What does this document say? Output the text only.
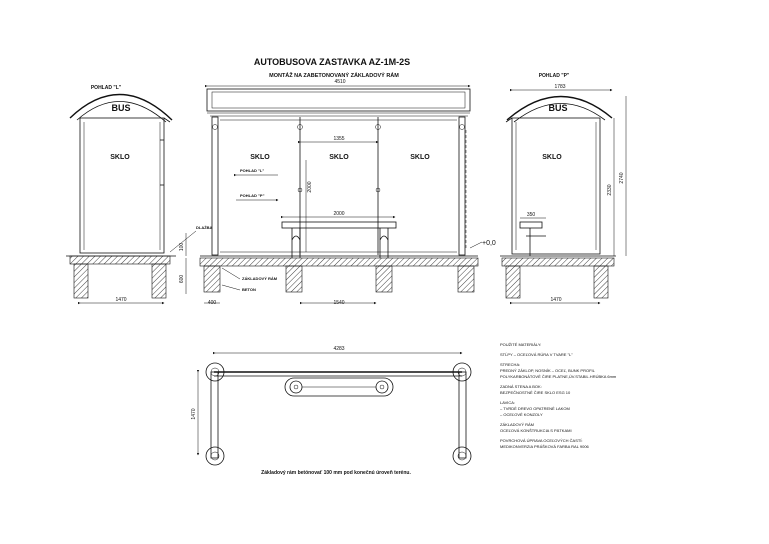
AUTOBUSOVA ZASTAVKA AZ-1M-2S
MONTÁŽ NA ZABETONOVANÝ ZÁKLADOVÝ RÁM
POHLAD "L"
BUS
SKLO
1470
100
600
DLAŽBA
4510
1355
SKLO	SKLO	SKLO
POHLAD "L"
POHLAD "P"
2000
2000
ZÁKLADOVÝ RÁM
BETON
+0,0
400	1540
POHLAD "P"
1783
BUS
SKLO
350
1470
2330
2740
4283
1470
Základový rám betónovať 100 mm pod konečnú úroveň terénu.
POUŽITÉ MATERIÁLY:
STĹPY – OCEĽOVÁ RÚRA V TVARE "L"
STRECHA:
PREDNÝ ZÁKLOP, NOSNÍK – OCEĽ, BUNK PROFIL
POLYKARBONÁTOVÉ ČIRE PLATNE,ÚV.STABIL.HRÚBKA 6mm
ZADNÁ STENA A BOK:
BEZPEČNOSTNÉ ČIRE SKLO ESG 10
LAVICA:
– TVRDÉ DREVO OPATRENÉ LAKOM
– OCEĽOVÉ KONZOLY
ZÁKLADOVÝ RÁM
OCEĽOVÁ KONŠTRUKCIA S PÄTKAMI
POVRCHOVÁ ÚPRAVA OCEĽOVÝCH ČASTÍ:
MEDIKONVERZIA PRÁŠKOVÁ FARBA RAL 9006
